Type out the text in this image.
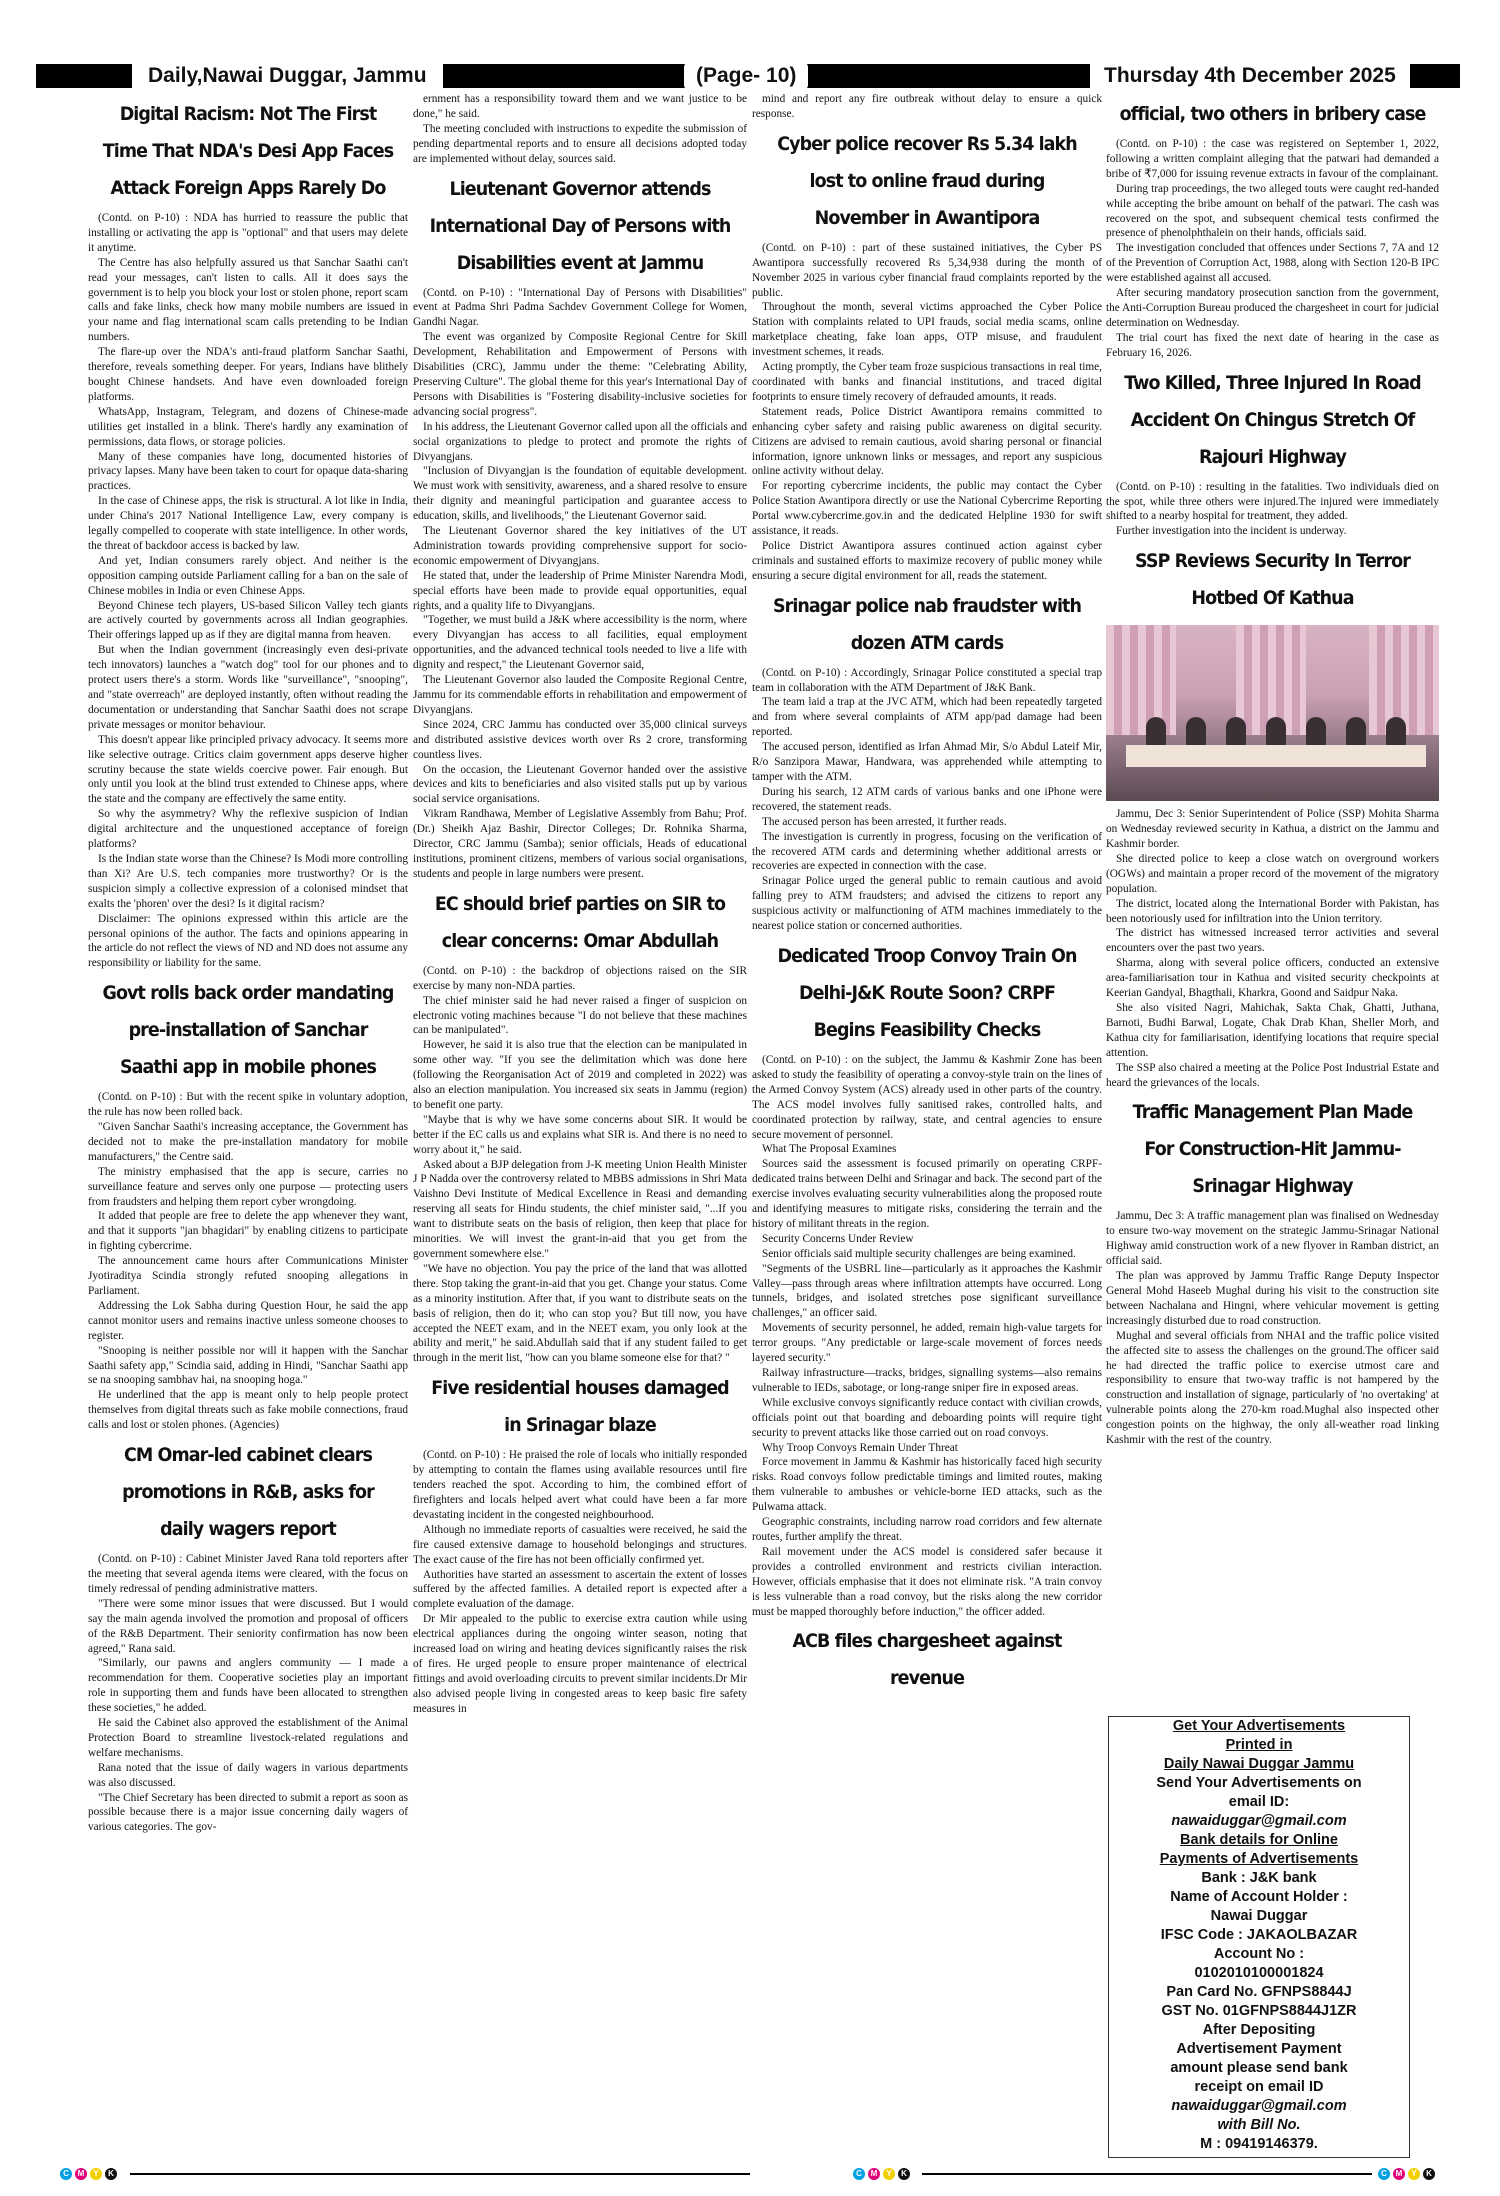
Daily,Nawai Duggar, Jammu	(Page- 10)	Thursday 4th December 2025
Digital Racism: Not The First Time That NDA's Desi App Faces Attack Foreign Apps Rarely Do

(Contd. on P-10) : NDA has hurried to reassure the public that installing or activating the app is "optional" and that users may delete it anytime.

The Centre has also helpfully assured us that Sanchar Saathi can't read your messages, can't listen to calls. All it does says the government is to help you block your lost or stolen phone, report scam calls and fake links, check how many mobile numbers are issued in your name and flag international scam calls pretending to be Indian numbers.

The flare-up over the NDA's anti-fraud platform Sanchar Saathi, therefore, reveals something deeper. For years, Indians have blithely bought Chinese handsets. And have even downloaded foreign platforms.

WhatsApp, Instagram, Telegram, and dozens of Chinese-made utilities get installed in a blink. There's hardly any examination of permissions, data flows, or storage policies.

Many of these companies have long, documented histories of privacy lapses. Many have been taken to court for opaque data-sharing practices.

In the case of Chinese apps, the risk is structural. A lot like in India, under China's 2017 National Intelligence Law, every company is legally compelled to cooperate with state intelligence. In other words, the threat of backdoor access is backed by law.

And yet, Indian consumers rarely object. And neither is the opposition camping outside Parliament calling for a ban on the sale of Chinese mobiles in India or even Chinese Apps.

Beyond Chinese tech players, US-based Silicon Valley tech giants are actively courted by governments across all Indian geographies. Their offerings lapped up as if they are digital manna from heaven.

But when the Indian government (increasingly even desi-private tech innovators) launches a "watch dog" tool for our phones and to protect users there's a storm. Words like "surveillance", "snooping", and "state overreach" are deployed instantly, often without reading the documentation or understanding that Sanchar Saathi does not scrape private messages or monitor behaviour.

This doesn't appear like principled privacy advocacy. It seems more like selective outrage. Critics claim government apps deserve higher scrutiny because the state wields coercive power. Fair enough. But only until you look at the blind trust extended to Chinese apps, where the state and the company are effectively the same entity.

So why the asymmetry? Why the reflexive suspicion of Indian digital architecture and the unquestioned acceptance of foreign platforms?

Is the Indian state worse than the Chinese? Is Modi more controlling than Xi? Are U.S. tech companies more trustworthy? Or is the suspicion simply a collective expression of a colonised mindset that exalts the 'phoren' over the desi? Is it digital racism?

Disclaimer: The opinions expressed within this article are the personal opinions of the author. The facts and opinions appearing in the article do not reflect the views of ND and ND does not assume any responsibility or liability for the same.

Govt rolls back order mandating pre-installation of Sanchar Saathi app in mobile phones

(Contd. on P-10) : But with the recent spike in voluntary adoption, the rule has now been rolled back.

"Given Sanchar Saathi's increasing acceptance, the Government has decided not to make the pre-installation mandatory for mobile manufacturers," the Centre said.

The ministry emphasised that the app is secure, carries no surveillance feature and serves only one purpose — protecting users from fraudsters and helping them report cyber wrongdoing.

It added that people are free to delete the app whenever they want, and that it supports "jan bhagidari" by enabling citizens to participate in fighting cybercrime.

The announcement came hours after Communications Minister Jyotiraditya Scindia strongly refuted snooping allegations in Parliament.

Addressing the Lok Sabha during Question Hour, he said the app cannot monitor users and remains inactive unless someone chooses to register.

"Snooping is neither possible nor will it happen with the Sanchar Saathi safety app," Scindia said, adding in Hindi, "Sanchar Saathi app se na snooping sambhav hai, na snooping hoga."

He underlined that the app is meant only to help people protect themselves from digital threats such as fake mobile connections, fraud calls and lost or stolen phones. (Agencies)

CM Omar-led cabinet clears promotions in R&B, asks for daily wagers report

(Contd. on P-10) : Cabinet Minister Javed Rana told reporters after the meeting that several agenda items were cleared, with the focus on timely redressal of pending administrative matters.

"There were some minor issues that were discussed. But I would say the main agenda involved the promotion and proposal of officers of the R&B Department. Their seniority confirmation has now been agreed," Rana said.

"Similarly, our pawns and anglers community — I made a recommendation for them. Cooperative societies play an important role in supporting them and funds have been allocated to strengthen these societies," he added.

He said the Cabinet also approved the establishment of the Animal Protection Board to streamline livestock-related regulations and welfare mechanisms.

Rana noted that the issue of daily wagers in various departments was also discussed.

"The Chief Secretary has been directed to submit a report as soon as possible because there is a major issue concerning daily wagers of various categories. The gov-

ernment has a responsibility toward them and we want justice to be done," he said.

The meeting concluded with instructions to expedite the submission of pending departmental reports and to ensure all decisions adopted today are implemented without delay, sources said.

Lieutenant Governor attends International Day of Persons with Disabilities event at Jammu

(Contd. on P-10) : "International Day of Persons with Disabilities" event at Padma Shri Padma Sachdev Government College for Women, Gandhi Nagar.

The event was organized by Composite Regional Centre for Skill Development, Rehabilitation and Empowerment of Persons with Disabilities (CRC), Jammu under the theme: "Celebrating Ability, Preserving Culture". The global theme for this year's International Day of Persons with Disabilities is "Fostering disability-inclusive societies for advancing social progress".

In his address, the Lieutenant Governor called upon all the officials and social organizations to pledge to protect and promote the rights of Divyangjans.

"Inclusion of Divyangjan is the foundation of equitable development. We must work with sensitivity, awareness, and a shared resolve to ensure their dignity and meaningful participation and guarantee access to education, skills, and livelihoods," the Lieutenant Governor said.

The Lieutenant Governor shared the key initiatives of the UT Administration towards providing comprehensive support for socio-economic empowerment of Divyangjans.

He stated that, under the leadership of Prime Minister Narendra Modi, special efforts have been made to provide equal opportunities, equal rights, and a quality life to Divyangjans.

"Together, we must build a J&K where accessibility is the norm, where every Divyangjan has access to all facilities, equal employment opportunities, and the advanced technical tools needed to live a life with dignity and respect," the Lieutenant Governor said,

The Lieutenant Governor also lauded the Composite Regional Centre, Jammu for its commendable efforts in rehabilitation and empowerment of Divyangjans.

Since 2024, CRC Jammu has conducted over 35,000 clinical surveys and distributed assistive devices worth over Rs 2 crore, transforming countless lives.

On the occasion, the Lieutenant Governor handed over the assistive devices and kits to beneficiaries and also visited stalls put up by various social service organisations.

Vikram Randhawa, Member of Legislative Assembly from Bahu; Prof. (Dr.) Sheikh Ajaz Bashir, Director Colleges; Dr. Rohnika Sharma, Director, CRC Jammu (Samba); senior officials, Heads of educational institutions, prominent citizens, members of various social organisations, students and people in large numbers were present.

EC should brief parties on SIR to clear concerns: Omar Abdullah

(Contd. on P-10) : the backdrop of objections raised on the SIR exercise by many non-NDA parties.

The chief minister said he had never raised a finger of suspicion on electronic voting machines because "I do not believe that these machines can be manipulated".

However, he said it is also true that the election can be manipulated in some other way. "If you see the delimitation which was done here (following the Reorganisation Act of 2019 and completed in 2022) was also an election manipulation. You increased six seats in Jammu (region) to benefit one party.

"Maybe that is why we have some concerns about SIR. It would be better if the EC calls us and explains what SIR is. And there is no need to worry about it," he said.

Asked about a BJP delegation from J-K meeting Union Health Minister J P Nadda over the controversy related to MBBS admissions in Shri Mata Vaishno Devi Institute of Medical Excellence in Reasi and demanding reserving all seats for Hindu students, the chief minister said, "...If you want to distribute seats on the basis of religion, then keep that place for minorities. We will invest the grant-in-aid that you get from the government somewhere else."

"We have no objection. You pay the price of the land that was allotted there. Stop taking the grant-in-aid that you get. Change your status. Come as a minority institution. After that, if you want to distribute seats on the basis of religion, then do it; who can stop you? But till now, you have accepted the NEET exam, and in the NEET exam, you only look at the ability and merit," he said.Abdullah said that if any student failed to get through in the merit list, "how can you blame someone else for that? "

Five residential houses damaged in Srinagar blaze

(Contd. on P-10) : He praised the role of locals who initially responded by attempting to contain the flames using available resources until fire tenders reached the spot. According to him, the combined effort of firefighters and locals helped avert what could have been a far more devastating incident in the congested neighbourhood.

Although no immediate reports of casualties were received, he said the fire caused extensive damage to household belongings and structures. The exact cause of the fire has not been officially confirmed yet.

Authorities have started an assessment to ascertain the extent of losses suffered by the affected families. A detailed report is expected after a complete evaluation of the damage.

Dr Mir appealed to the public to exercise extra caution while using electrical appliances during the ongoing winter season, noting that increased load on wiring and heating devices significantly raises the risk of fires. He urged people to ensure proper maintenance of electrical fittings and avoid overloading circuits to prevent similar incidents.Dr Mir also advised people living in congested areas to keep basic fire safety measures in

mind and report any fire outbreak without delay to ensure a quick response.

Cyber police recover Rs 5.34 lakh lost to online fraud during November in Awantipora

(Contd. on P-10) : part of these sustained initiatives, the Cyber PS Awantipora successfully recovered Rs 5,34,938 during the month of November 2025 in various cyber financial fraud complaints reported by the public.

Throughout the month, several victims approached the Cyber Police Station with complaints related to UPI frauds, social media scams, online marketplace cheating, fake loan apps, OTP misuse, and fraudulent investment schemes, it reads.

Acting promptly, the Cyber team froze suspicious transactions in real time, coordinated with banks and financial institutions, and traced digital footprints to ensure timely recovery of defrauded amounts, it reads.

Statement reads, Police District Awantipora remains committed to enhancing cyber safety and raising public awareness on digital security. Citizens are advised to remain cautious, avoid sharing personal or financial information, ignore unknown links or messages, and report any suspicious online activity without delay.

For reporting cybercrime incidents, the public may contact the Cyber Police Station Awantipora directly or use the National Cybercrime Reporting Portal www.cybercrime.gov.in and the dedicated Helpline 1930 for swift assistance, it reads.

Police District Awantipora assures continued action against cyber criminals and sustained efforts to maximize recovery of public money while ensuring a secure digital environment for all, reads the statement.

Srinagar police nab fraudster with dozen ATM cards

(Contd. on P-10) : Accordingly, Srinagar Police constituted a special trap team in collaboration with the ATM Department of J&K Bank.

The team laid a trap at the JVC ATM, which had been repeatedly targeted and from where several complaints of ATM app/pad damage had been reported.

The accused person, identified as Irfan Ahmad Mir, S/o Abdul Lateif Mir, R/o Sanzipora Mawar, Handwara, was apprehended while attempting to tamper with the ATM.

During his search, 12 ATM cards of various banks and one iPhone were recovered, the statement reads.

The accused person has been arrested, it further reads.

The investigation is currently in progress, focusing on the verification of the recovered ATM cards and determining whether additional arrests or recoveries are expected in connection with the case.

Srinagar Police urged the general public to remain cautious and avoid falling prey to ATM fraudsters; and advised the citizens to report any suspicious activity or malfunctioning of ATM machines immediately to the nearest police station or concerned authorities.

Dedicated Troop Convoy Train On Delhi-J&K Route Soon? CRPF Begins Feasibility Checks

(Contd. on P-10) : on the subject, the Jammu & Kashmir Zone has been asked to study the feasibility of operating a convoy-style train on the lines of the Armed Convoy System (ACS) already used in other parts of the country. The ACS model involves fully sanitised rakes, controlled halts, and coordinated protection by railway, state, and central agencies to ensure secure movement of personnel.

What The Proposal Examines

Sources said the assessment is focused primarily on operating CRPF-dedicated trains between Delhi and Srinagar and back. The second part of the exercise involves evaluating security vulnerabilities along the proposed route and identifying measures to mitigate risks, considering the terrain and the history of militant threats in the region.

Security Concerns Under Review

Senior officials said multiple security challenges are being examined.

"Segments of the USBRL line—particularly as it approaches the Kashmir Valley—pass through areas where infiltration attempts have occurred. Long tunnels, bridges, and isolated stretches pose significant surveillance challenges," an officer said.

Movements of security personnel, he added, remain high-value targets for terror groups. "Any predictable or large-scale movement of forces needs layered security."

Railway infrastructure—tracks, bridges, signalling systems—also remains vulnerable to IEDs, sabotage, or long-range sniper fire in exposed areas.

While exclusive convoys significantly reduce contact with civilian crowds, officials point out that boarding and deboarding points will require tight security to prevent attacks like those carried out on road convoys.

Why Troop Convoys Remain Under Threat

Force movement in Jammu & Kashmir has historically faced high security risks. Road convoys follow predictable timings and limited routes, making them vulnerable to ambushes or vehicle-borne IED attacks, such as the Pulwama attack.

Geographic constraints, including narrow road corridors and few alternate routes, further amplify the threat.

Rail movement under the ACS model is considered safer because it provides a controlled environment and restricts civilian interaction. However, officials emphasise that it does not eliminate risk. "A train convoy is less vulnerable than a road convoy, but the risks along the new corridor must be mapped thoroughly before induction," the officer added.

ACB files chargesheet against revenue
official, two others in bribery case

(Contd. on P-10) : the case was registered on September 1, 2022, following a written complaint alleging that the patwari had demanded a bribe of ₹7,000 for issuing revenue extracts in favour of the complainant.

During trap proceedings, the two alleged touts were caught red-handed while accepting the bribe amount on behalf of the patwari. The cash was recovered on the spot, and subsequent chemical tests confirmed the presence of phenolphthalein on their hands, officials said.

The investigation concluded that offences under Sections 7, 7A and 12 of the Prevention of Corruption Act, 1988, along with Section 120-B IPC were established against all accused.

After securing mandatory prosecution sanction from the government, the Anti-Corruption Bureau produced the chargesheet in court for judicial determination on Wednesday.

The trial court has fixed the next date of hearing in the case as February 16, 2026.

Two Killed, Three Injured In Road Accident On Chingus Stretch Of Rajouri Highway

(Contd. on P-10) : resulting in the fatalities. Two individuals died on the spot, while three others were injured.The injured were immediately shifted to a nearby hospital for treatment, they added.

Further investigation into the incident is underway.

SSP Reviews Security In Terror Hotbed Of Kathua

Jammu, Dec 3: Senior Superintendent of Police (SSP) Mohita Sharma on Wednesday reviewed security in Kathua, a district on the Jammu and Kashmir border.

She directed police to keep a close watch on overground workers (OGWs) and maintain a proper record of the movement of the migratory population.

The district, located along the International Border with Pakistan, has been notoriously used for infiltration into the Union territory.

The district has witnessed increased terror activities and several encounters over the past two years.

Sharma, along with several police officers, conducted an extensive area-familiarisation tour in Kathua and visited security checkpoints at Keerian Gandyal, Bhagthali, Kharkra, Goond and Saidpur Naka.

She also visited Nagri, Mahichak, Sakta Chak, Ghatti, Juthana, Barnoti, Budhi Barwal, Logate, Chak Drab Khan, Sheller Morh, and Kathua city for familiarisation, identifying locations that require special attention.

The SSP also chaired a meeting at the Police Post Industrial Estate and heard the grievances of the locals.

Traffic Management Plan Made For Construction-Hit Jammu-Srinagar Highway

Jammu, Dec 3: A traffic management plan was finalised on Wednesday to ensure two-way movement on the strategic Jammu-Srinagar National Highway amid construction work of a new flyover in Ramban district, an official said.

The plan was approved by Jammu Traffic Range Deputy Inspector General Mohd Haseeb Mughal during his visit to the construction site between Nachalana and Hingni, where vehicular movement is getting increasingly disturbed due to road construction.

Mughal and several officials from NHAI and the traffic police visited the affected site to assess the challenges on the ground.The officer said he had directed the traffic police to exercise utmost care and responsibility to ensure that two-way traffic is not hampered by the construction and installation of signage, particularly of 'no overtaking' at vulnerable points along the 270-km road.Mughal also inspected other congestion points on the highway, the only all-weather road linking Kashmir with the rest of the country.

Get Your Advertisements
Printed in
Daily Nawai Duggar Jammu
Send Your Advertisements on
email ID:
nawaiduggar@gmail.com
Bank details for Online
Payments of Advertisements
Bank : J&K bank
Name of Account Holder :
Nawai Duggar
IFSC Code : JAKAOLBAZAR
Account No :
0102010100001824
Pan Card No. GFNPS8844J
GST No. 01GFNPS8844J1ZR
After Depositing
Advertisement Payment
amount please send bank
receipt on email ID
nawaiduggar@gmail.com
with Bill No.
M : 09419146379.
C	M	Y	K	C	M	Y	K	C	M	Y	K
